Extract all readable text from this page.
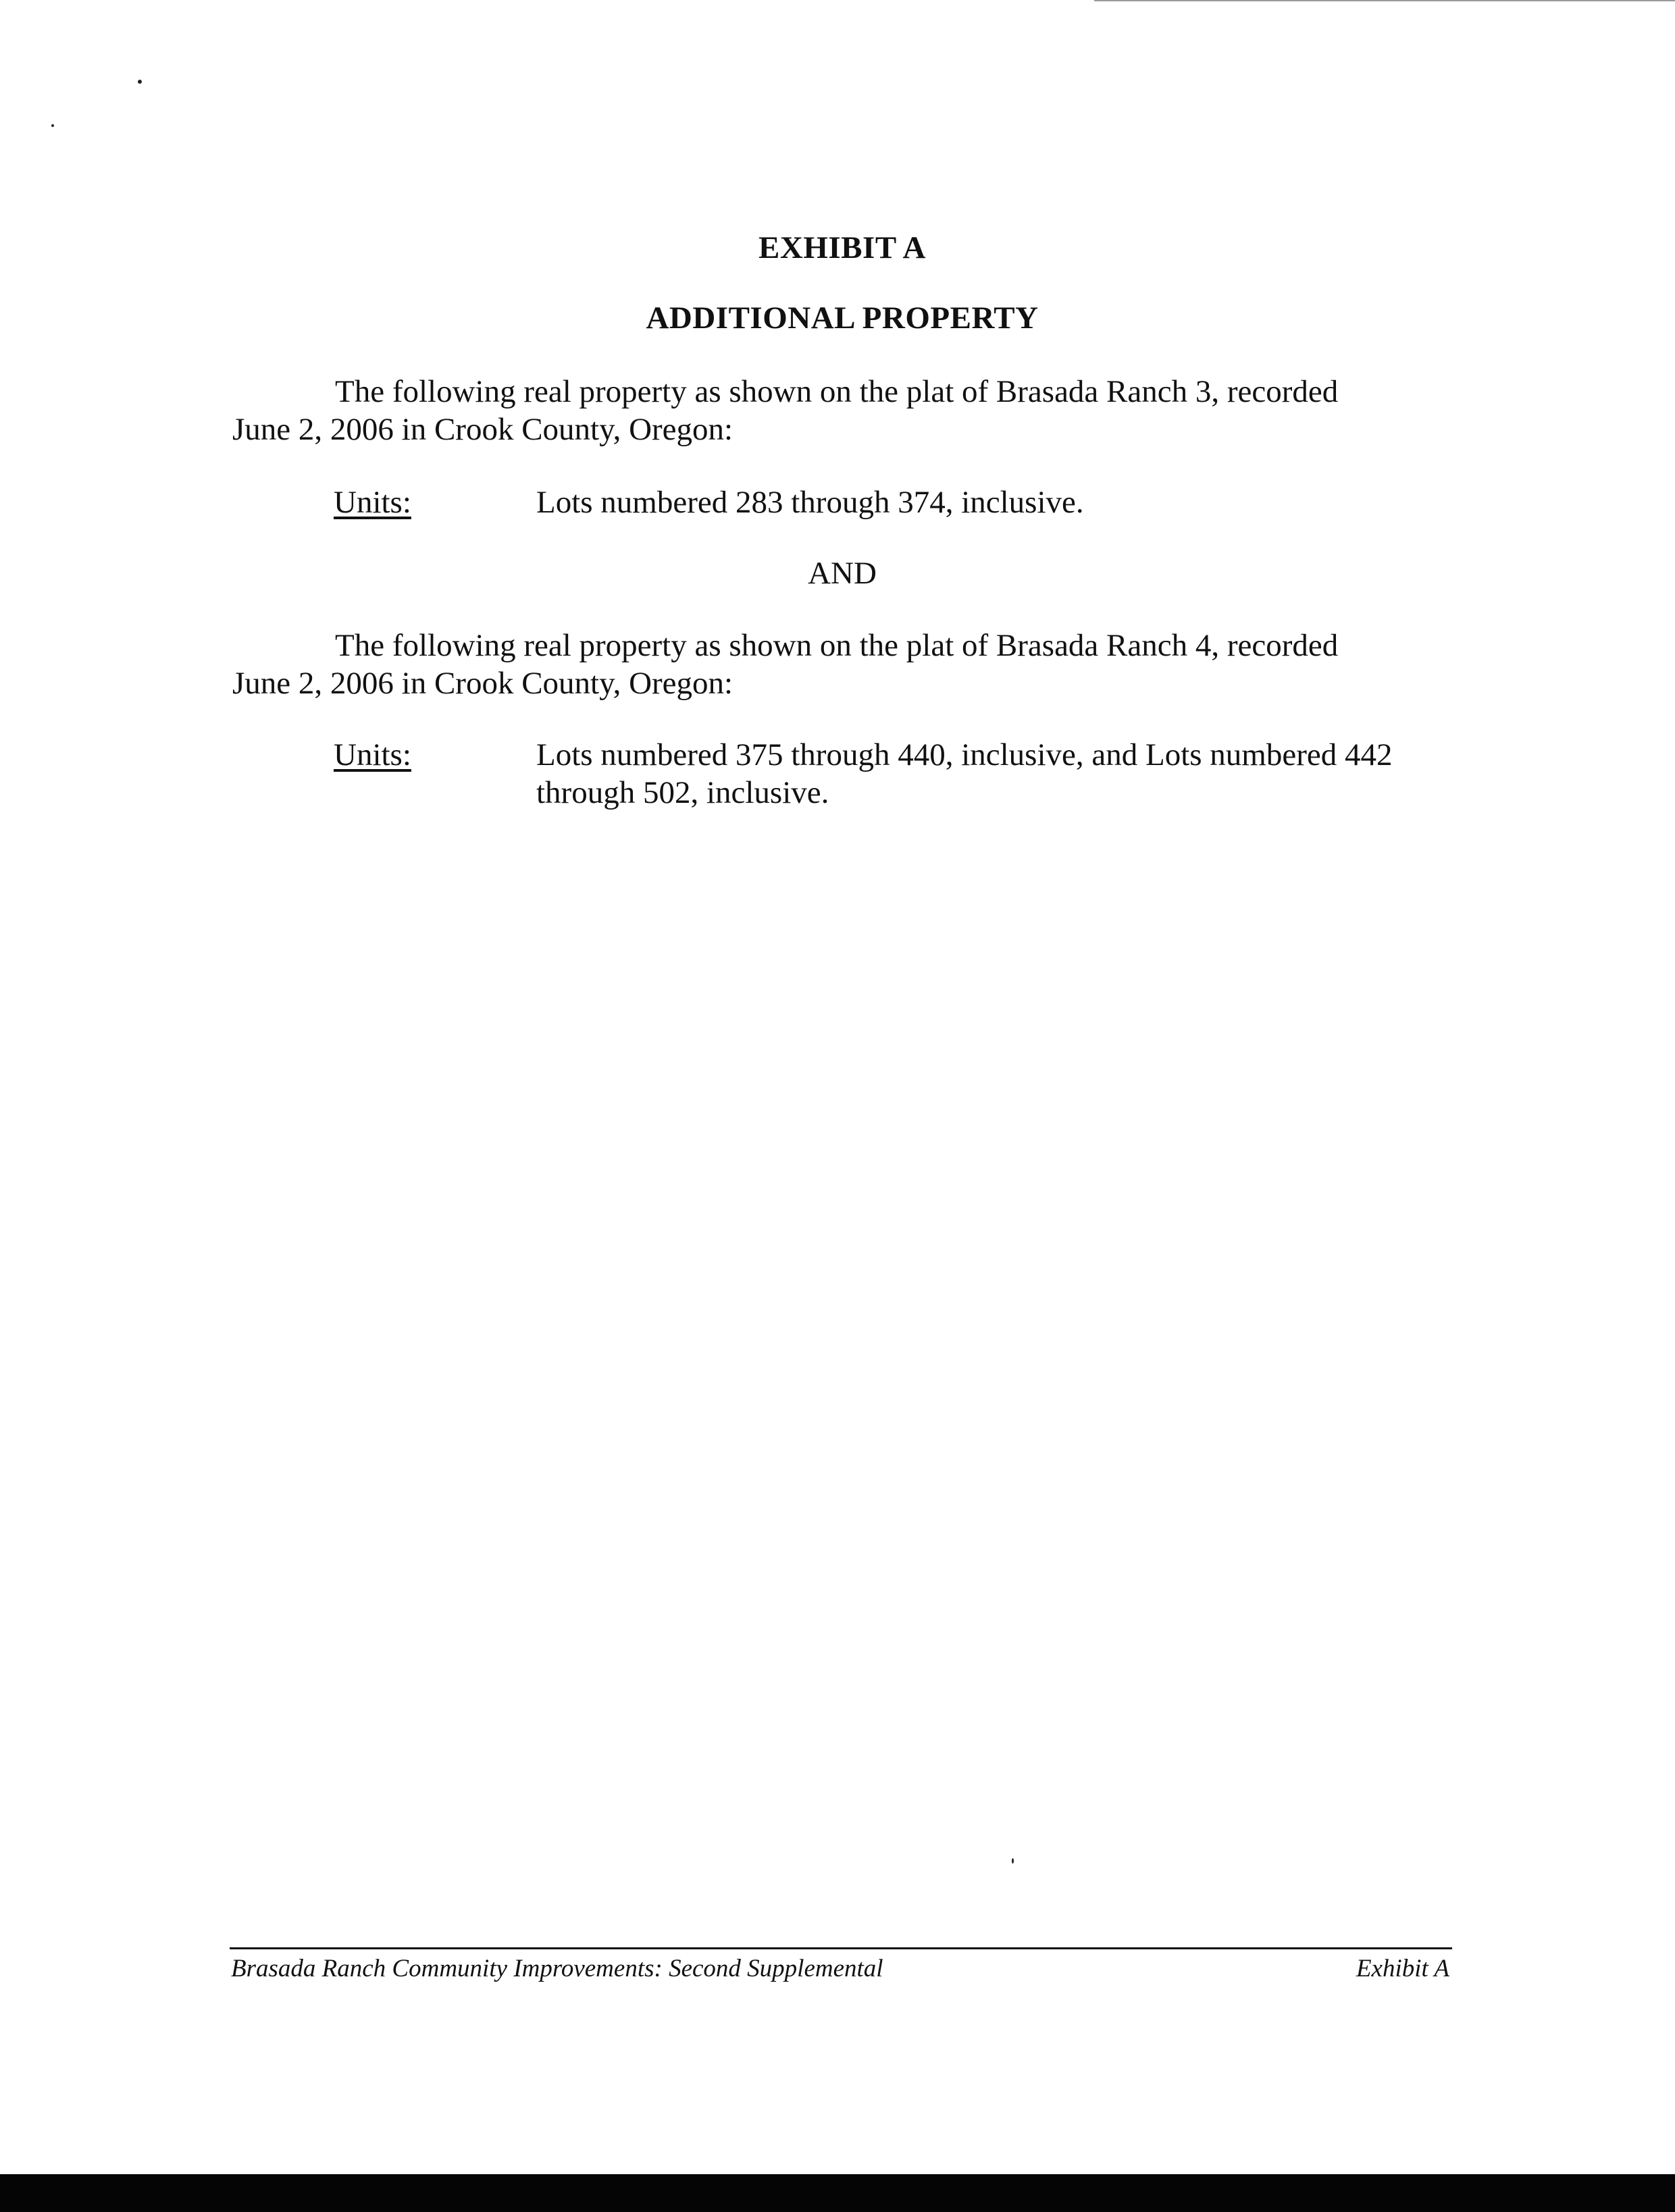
EXHIBIT A
ADDITIONAL PROPERTY
The following real property as shown on the plat of Brasada Ranch 3, recorded
June 2, 2006 in Crook County, Oregon:
Units:	Lots numbered 283 through 374, inclusive.
AND
The following real property as shown on the plat of Brasada Ranch 4, recorded
June 2, 2006 in Crook County, Oregon:
Units:	Lots numbered 375 through 440, inclusive, and Lots numbered 442 through 502, inclusive.
Brasada Ranch Community Improvements: Second Supplemental	Exhibit A
